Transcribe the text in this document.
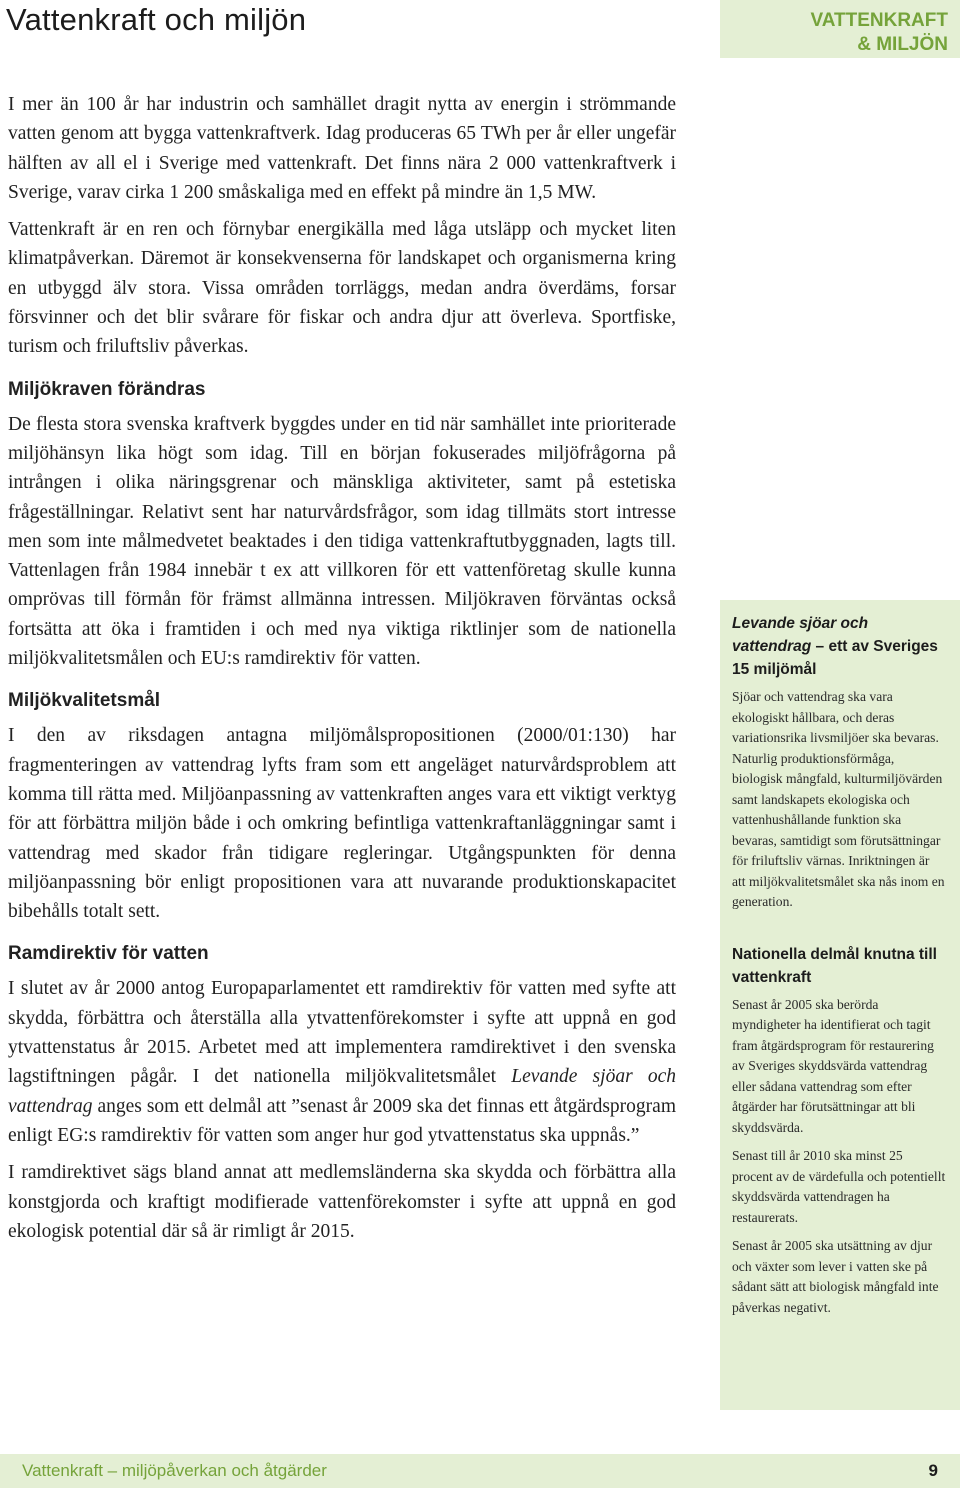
Vattenkraft och miljön	VATTENKRAFT
& MILJÖN

I mer än 100 år har industrin och samhället dragit nytta av energin i strömmande vatten genom att bygga vattenkraftverk. Idag produceras 65 TWh per år eller ungefär hälften av all el i Sverige med vattenkraft. Det finns nära 2 000 vattenkraftverk i Sverige, varav cirka 1 200 småskaliga med en effekt på mindre än 1,5 MW.

Vattenkraft är en ren och förnybar energikälla med låga utsläpp och mycket liten klimatpåverkan. Däremot är konsekvenserna för landskapet och organismerna kring en utbyggd älv stora. Vissa områden torrläggs, medan andra överdäms, forsar försvinner och det blir svårare för fiskar och andra djur att överleva. Sportfiske, turism och friluftsliv påverkas.

Miljökraven förändras

De flesta stora svenska kraftverk byggdes under en tid när samhället inte prioriterade miljöhänsyn lika högt som idag. Till en början fokuserades miljöfrågorna på intrången i olika näringsgrenar och mänskliga aktiviteter, samt på estetiska frågeställningar. Relativt sent har naturvårdsfrågor, som idag tillmäts stort intresse men som inte målmedvetet beaktades i den tidiga vattenkraftutbyggnaden, lagts till. Vattenlagen från 1984 innebär t ex att villkoren för ett vattenföretag skulle kunna omprövas till förmån för främst allmänna intressen. Miljökraven förväntas också fortsätta att öka i framtiden i och med nya viktiga riktlinjer som de nationella miljökvalitetsmålen och EU:s ramdirektiv för vatten.

Miljökvalitetsmål

I den av riksdagen antagna miljömålspropositionen (2000/01:130) har fragmenteringen av vattendrag lyfts fram som ett angeläget naturvårdsproblem att komma till rätta med. Miljöanpassning av vattenkraften anges vara ett viktigt verktyg för att förbättra miljön både i och omkring befintliga vattenkraftanläggningar samt i vattendrag med skador från tidigare regleringar. Utgångspunkten för denna miljöanpassning bör enligt propositionen vara att nuvarande produktionskapacitet bibehålls totalt sett.

Ramdirektiv för vatten

I slutet av år 2000 antog Europaparlamentet ett ramdirektiv för vatten med syfte att skydda, förbättra och återställa alla ytvattenförekomster i syfte att uppnå en god ytvattenstatus år 2015. Arbetet med att implementera ramdirektivet i den svenska lagstiftningen pågår. I det nationella miljökvalitetsmålet Levande sjöar och vattendrag anges som ett delmål att ”senast år 2009 ska det finnas ett åtgärdsprogram enligt EG:s ramdirektiv för vatten som anger hur god ytvattenstatus ska uppnås.”

I ramdirektivet sägs bland annat att medlemsländerna ska skydda och förbättra alla konstgjorda och kraftigt modifierade vattenförekomster i syfte att uppnå en god ekologisk potential där så är rimligt år 2015.

Levande sjöar och vattendrag – ett av Sveriges 15 miljömål

Sjöar och vattendrag ska vara ekologiskt hållbara, och deras variationsrika livsmiljöer ska bevaras. Naturlig produktionsförmåga, biologisk mångfald, kulturmiljövärden samt landskapets ekologiska och vattenhushållande funktion ska bevaras, samtidigt som förutsättningar för friluftsliv värnas. Inriktningen är att miljökvalitetsmålet ska nås inom en generation.

Nationella delmål knutna till vattenkraft

Senast år 2005 ska berörda myndigheter ha identifierat och tagit fram åtgärdsprogram för restaurering av Sveriges skyddsvärda vattendrag eller sådana vattendrag som efter åtgärder har förutsättningar att bli skyddsvärda.

Senast till år 2010 ska minst 25 procent av de värdefulla och potentiellt skyddsvärda vattendragen ha restaurerats.

Senast år 2005 ska utsättning av djur och växter som lever i vatten ske på sådant sätt att biologisk mångfald inte påverkas negativt.

Vattenkraft – miljöpåverkan och åtgärder	9
